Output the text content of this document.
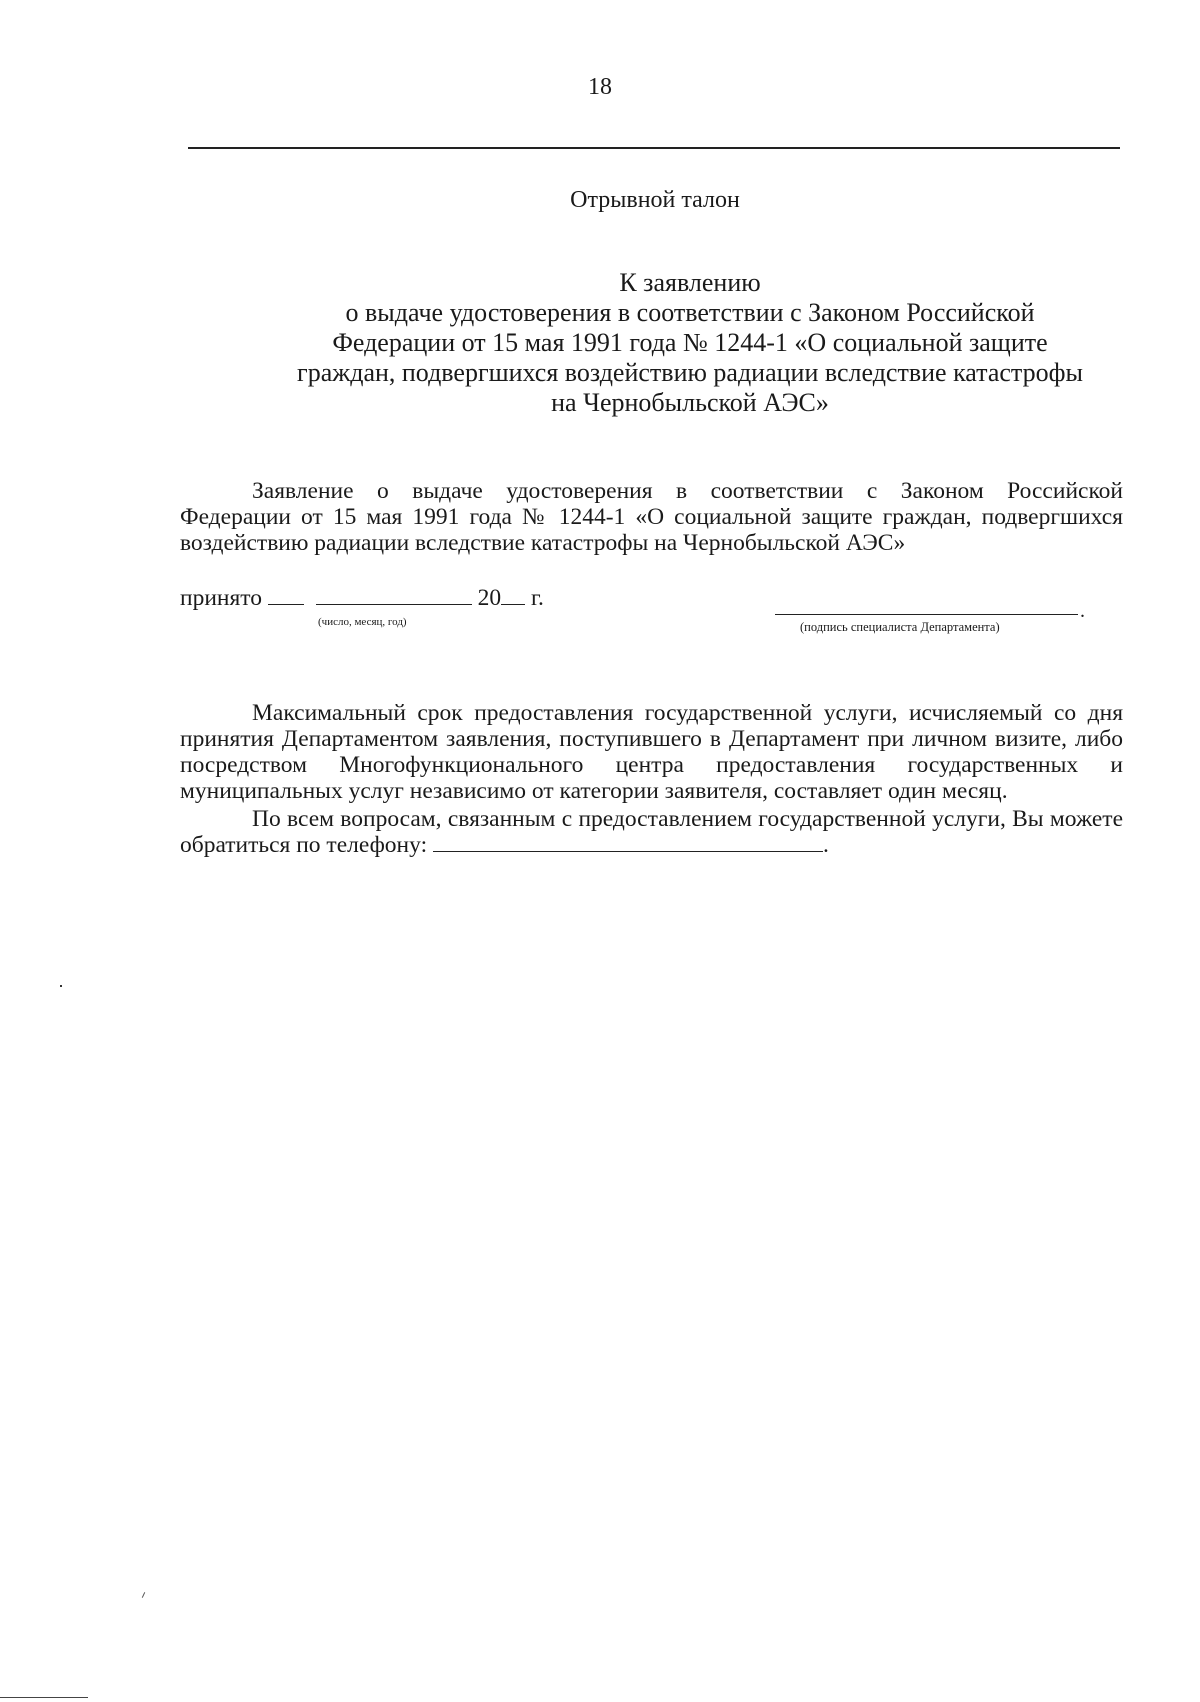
18
Отрывной талон
К заявлению
о выдаче удостоверения в соответствии с Законом Российской
Федерации от 15 мая 1991 года № 1244-1 «О социальной защите
граждан, подвергшихся воздействию радиации вследствие катастрофы
на Чернобыльской АЭС»
Заявление о выдаче удостоверения в соответствии с Законом Российской
Федерации от 15 мая 1991 года № 1244-1 «О социальной защите граждан, подвергшихся
воздействию радиации вследствие катастрофы на Чернобыльской АЭС»
принято	20 г.
(число, месяц, год)	.
(подпись специалиста Департамента)

Максимальный срок предоставления государственной услуги, исчисляемый со дня принятия Департаментом заявления, поступившего в Департамент при личном визите, либо посредством Многофункционального центра предоставления государственных и муниципальных услуг независимо от категории заявителя, составляет один месяц.

По всем вопросам, связанным с предоставлением государственной услуги, Вы можете обратиться по телефону:	.
